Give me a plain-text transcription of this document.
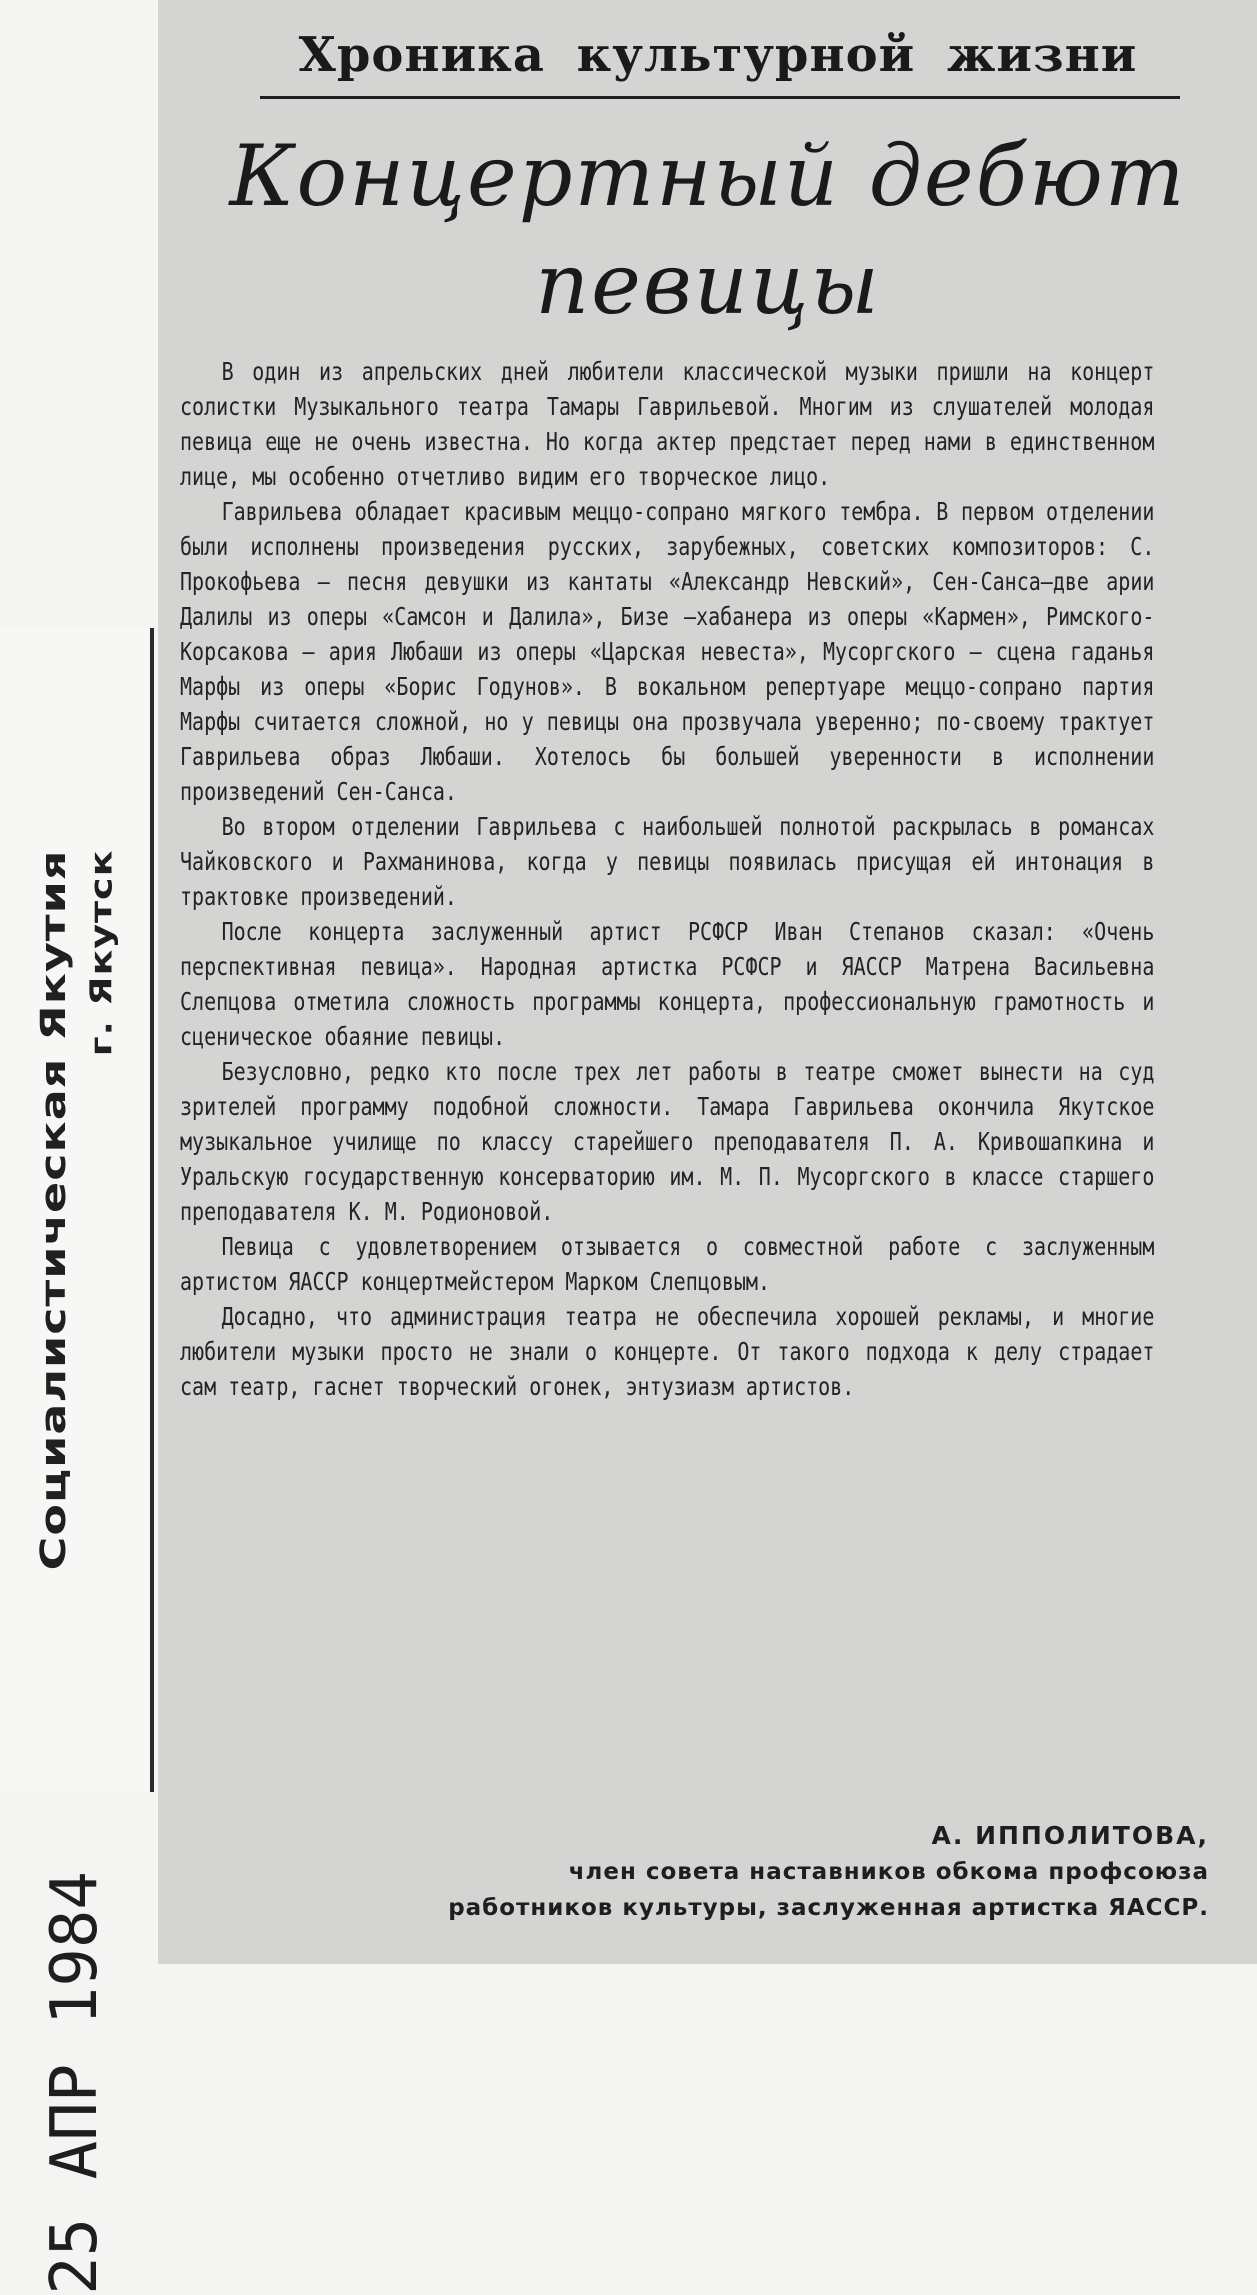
Социалистическая Якутия г. Якутск
25 АПР 1984
Хроника культурной жизни
Концертный дебют певицы

В один из апрельских дней любители классической музыки пришли на концерт солистки Музыкального театра Тамары Гаврильевой. Многим из слушателей молодая певица еще не очень известна. Но когда актер предстает перед нами в единственном лице, мы особенно отчетливо видим его творческое лицо.

Гаврильева обладает красивым меццо-сопрано мягкого тембра. В первом отделении были исполнены произведения русских, зарубежных, советских композиторов: С. Прокофьева — песня девушки из кантаты «Александр Невский», Сен-Санса—две арии Далилы из оперы «Самсон и Далила», Бизе —хабанера из оперы «Кармен», Римского-Корсакова — ария Любаши из оперы «Царская невеста», Мусоргского — сцена гаданья Марфы из оперы «Борис Годунов». В вокальном репертуаре меццо-сопрано партия Марфы считается сложной, но у певицы она прозвучала уверенно; по-своему трактует Гаврильева образ Любаши. Хотелось бы большей уверенности в исполнении произведений Сен-Санса.

Во втором отделении Гаврильева с наибольшей полнотой раскрылась в романсах Чайковского и Рахманинова, когда у певицы появилась присущая ей интонация в трактовке произведений.

После концерта заслуженный артист РСФСР Иван Степанов сказал: «Очень перспективная певица». Народная артистка РСФСР и ЯАССР Матрена Васильевна Слепцова отметила сложность программы концерта, профессиональную грамотность и сценическое обаяние певицы.

Безусловно, редко кто после трех лет работы в театре сможет вынести на суд зрителей программу подобной сложности. Тамара Гаврильева окончила Якутское музыкальное училище по классу старейшего преподавателя П. А. Кривошапкина и Уральскую государственную консерваторию им. М. П. Мусоргского в классе старшего преподавателя К. М. Родионовой.

Певица с удовлетворением отзывается о совместной работе с заслуженным артистом ЯАССР концертмейстером Марком Слепцовым.

Досадно, что администрация театра не обеспечила хорошей рекламы, и многие любители музыки просто не знали о концерте. От такого подхода к делу страдает сам театр, гаснет творческий огонек, энтузиазм артистов.

А. ИППОЛИТОВА,
член совета наставников обкома профсоюза
работников культуры, заслуженная артистка ЯАССР.
